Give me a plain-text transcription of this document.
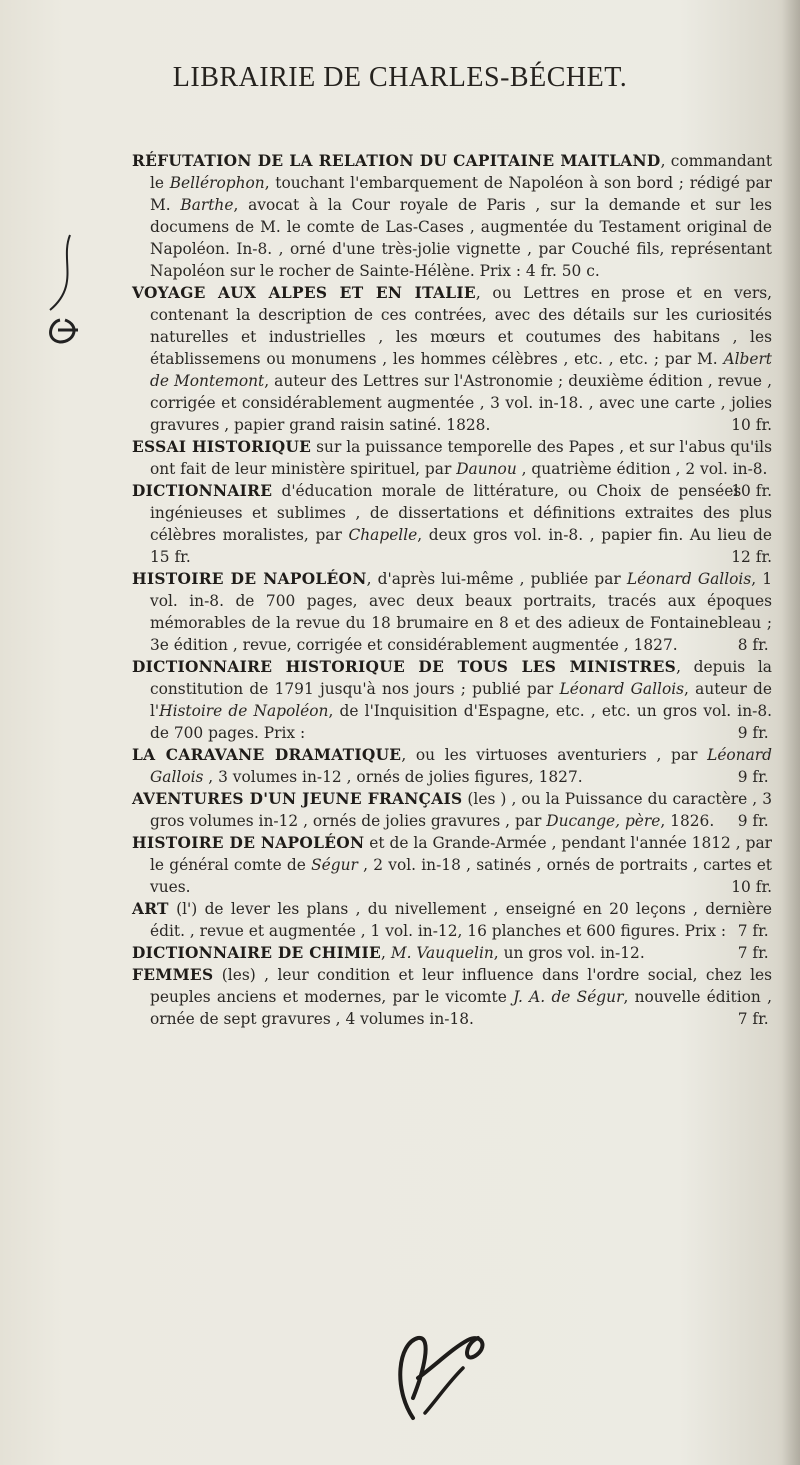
LIBRAIRIE DE CHARLES-BÉCHET.

RÉFUTATION DE LA RELATION DU CAPITAINE MAITLAND, commandant le Bellérophon, touchant l'embarquement de Napoléon à son bord ; rédigé par M. Barthe, avocat à la Cour royale de Paris , sur la demande et sur les documens de M. le comte de Las-Cases , augmentée du Testament original de Napoléon. In-8. , orné d'une très-jolie vignette , par Couché fils, représentant Napoléon sur le rocher de Sainte-Hélène. Prix : 4 fr. 50 c.

VOYAGE AUX ALPES ET EN ITALIE, ou Lettres en prose et en vers, contenant la description de ces contrées, avec des détails sur les curiosités naturelles et industrielles , les mœurs et coutumes des habitans , les établissemens ou monumens , les hommes célèbres , etc. , etc. ; par M. Albert de Montemont, auteur des Lettres sur l'Astronomie ; deuxième édition , revue , corrigée et considérablement augmentée , 3 vol. in-18. , avec une carte , jolies gravures , papier grand raisin satiné. 1828.	10 fr.

ESSAI HISTORIQUE sur la puissance temporelle des Papes , et sur l'abus qu'ils ont fait de leur ministère spirituel, par Daunou , quatrième édition , 2 vol. in-8.
10 fr.

DICTIONNAIRE d'éducation morale de littérature, ou Choix de pensées ingénieuses et sublimes , de dissertations et définitions extraites des plus célèbres moralistes, par Chapelle, deux gros vol. in-8. , papier fin. Au lieu de 15 fr.	12 fr.

HISTOIRE DE NAPOLÉON, d'après lui-même , publiée par Léonard Gallois, 1 vol. in-8. de 700 pages, avec deux beaux portraits, tracés aux époques mémorables de la revue du 18 brumaire en 8 et des adieux de Fontainebleau ; 3e édition , revue, corrigée et considérablement augmentée , 1827.	8 fr.

DICTIONNAIRE HISTORIQUE DE TOUS LES MINISTRES, depuis la constitution de 1791 jusqu'à nos jours ; publié par Léonard Gallois, auteur de l'Histoire de Napoléon, de l'Inquisition d'Espagne, etc. , etc. un gros vol. in-8. de 700 pages. Prix :	9 fr.

LA CARAVANE DRAMATIQUE, ou les virtuoses aventuriers , par Léonard Gallois , 3 volumes in-12 , ornés de jolies figures, 1827.	9 fr.

AVENTURES D'UN JEUNE FRANÇAIS (les ) , ou la Puissance du caractère , 3 gros volumes in-12 , ornés de jolies gravures , par Ducange, père, 1826. 9 fr.

HISTOIRE DE NAPOLÉON et de la Grande-Armée , pendant l'année 1812 , par le général comte de Ségur , 2 vol. in-18 , satinés , ornés de portraits , cartes et vues.	10 fr.

ART (l') de lever les plans , du nivellement , enseigné en 20 leçons , dernière édit. , revue et augmentée , 1 vol. in-12, 16 planches et 600 figures. Prix : 7 fr.

DICTIONNAIRE DE CHIMIE, M. Vauquelin, un gros vol. in-12.	7 fr.

FEMMES (les) , leur condition et leur influence dans l'ordre social, chez les peuples anciens et modernes, par le vicomte J. A. de Ségur, nouvelle édition , ornée de sept gravures , 4 volumes in-18.	7 fr.
